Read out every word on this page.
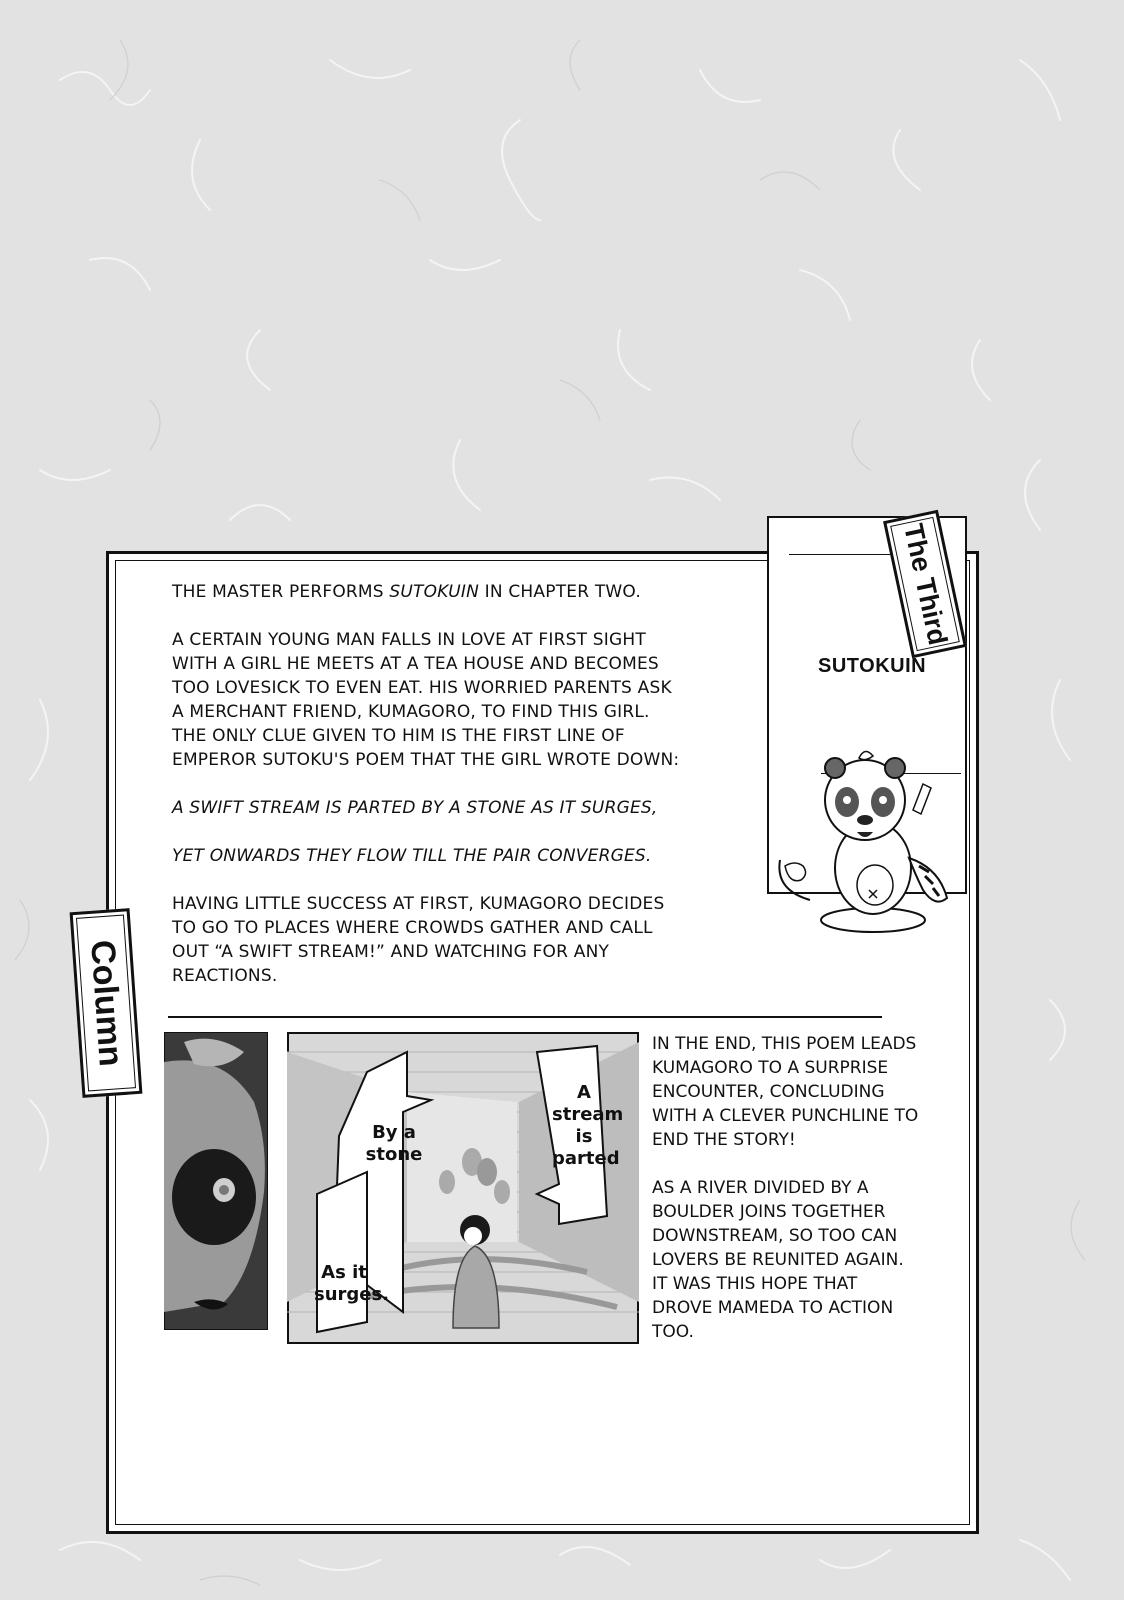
THE MASTER PERFORMS SUTOKUIN IN CHAPTER TWO.

A CERTAIN YOUNG MAN FALLS IN LOVE AT FIRST SIGHT WITH A GIRL HE MEETS AT A TEA HOUSE AND BECOMES TOO LOVESICK TO EVEN EAT. HIS WORRIED PARENTS ASK A MERCHANT FRIEND, KUMAGORO, TO FIND THIS GIRL. THE ONLY CLUE GIVEN TO HIM IS THE FIRST LINE OF EMPEROR SUTOKU'S POEM THAT THE GIRL WROTE DOWN:

A SWIFT STREAM IS PARTED BY A STONE AS IT SURGES,

YET ONWARDS THEY FLOW TILL THE PAIR CONVERGES.

HAVING LITTLE SUCCESS AT FIRST, KUMAGORO DECIDES TO GO TO PLACES WHERE CROWDS GATHER AND CALL OUT “A SWIFT STREAM!” AND WATCHING FOR ANY REACTIONS.

SUTOKUIN
The Third
Column
By a stone
As it surges.
A stream is parted

IN THE END, THIS POEM LEADS KUMAGORO TO A SURPRISE ENCOUNTER, CONCLUDING WITH A CLEVER PUNCHLINE TO END THE STORY!

AS A RIVER DIVIDED BY A BOULDER JOINS TOGETHER DOWNSTREAM, SO TOO CAN LOVERS BE REUNITED AGAIN. IT WAS THIS HOPE THAT DROVE MAMEDA TO ACTION TOO.
